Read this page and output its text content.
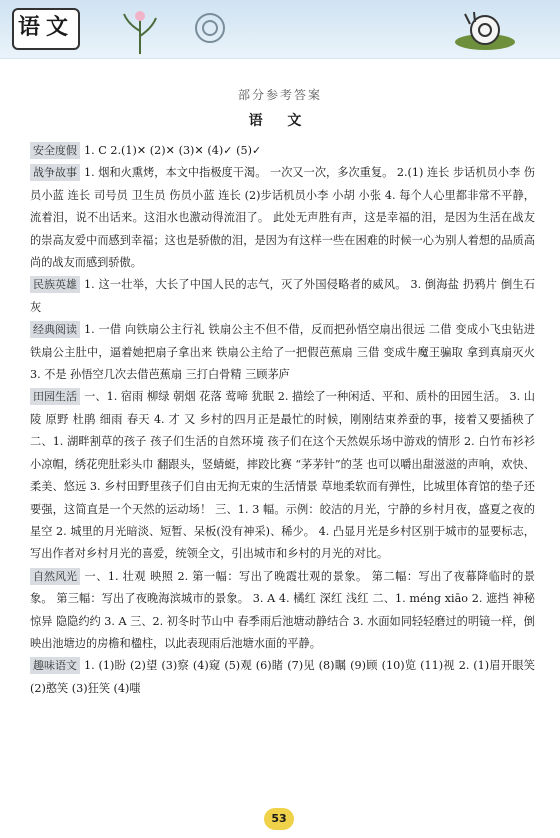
语文
部分参考答案
语 文
安全度假 1. C 2.(1)✕ (2)✕ (3)✕ (4)✓ (5)✓
战争故事 1. 烟和火熏烤，本文中指极度干渴。 一次又一次，多次重复。 2.(1) 连长 步话机员小李 伤员小蓝 连长 司号员 卫生员 伤员小蓝 连长 (2)步话机员小李 小胡 小张 4. 每个人心里都非常不平静，流着泪，说不出话来。这泪水也激动得流泪了。 此处无声胜有声，这是幸福的泪，是因为生活在战友的崇高友爱中而感到幸福；这也是骄傲的泪，是因为有这样一些在困难的时候一心为别人着想的品质高尚的战友而感到骄傲。
民族英雄 1. 这一壮举，大长了中国人民的志气，灭了外国侵略者的威风。 3. 倒海盐 扔鸦片 倒生石灰
经典阅读 1. 一借 向铁扇公主行礼 铁扇公主不但不借，反而把孙悟空扇出很远 二借 变成小飞虫钻进铁扇公主肚中，逼着她把扇子拿出来 铁扇公主给了一把假芭蕉扇 三借 变成牛魔王骗取 拿到真扇灭火 3. 不是 孙悟空几次去借芭蕉扇 三打白骨精 三顾茅庐
田园生活 一、1. 宿雨 柳绿 朝烟 花落 莺啼 犹眠 2. 描绘了一种闲适、平和、质朴的田园生活。 3. 山陵 原野 杜鹃 细雨 春天 4. 才 又 乡村的四月正是最忙的时候，刚刚结束养蚕的事，接着又要插秧了 二、1. 湖畔割草的孩子 孩子们生活的自然环境 孩子们在这个天然娱乐场中游戏的情形 2. 白竹布衫衫小凉帽，绣花兜肚彩头巾 翻跟头，竖蜻蜓，摔跤比赛 “茅茅针”的茎 也可以嚼出甜滋滋的声响，欢快、柔美、悠远 3. 乡村田野里孩子们自由无拘无束的生活情景 草地柔软而有弹性，比城里体育馆的垫子还要强，这简直是一个天然的运动场！ 三、1. 3 幅。示例：皎洁的月光，宁静的乡村月夜，盛夏之夜的星空 2. 城里的月光暗淡、短暂、呆板(没有神采)、稀少。 4. 凸显月光是乡村区别于城市的显要标志，写出作者对乡村月光的喜爱，统领全文，引出城市和乡村的月光的对比。
自然风光 一、1. 壮观 映照 2. 第一幅：写出了晚霞壮观的景象。 第二幅：写出了夜幕降临时的景象。 第三幅：写出了夜晚海滨城市的景象。 3. A 4. 橘红 深红 浅红 二、1. méng xiāo 2. 遮挡 神秘 惊异 隐隐约约 3. A 三、2. 初冬时节山中 春季雨后池塘动静结合 3. 水面如同轻轻磨过的明镜一样，倒映出池塘边的房檐和楹柱，以此表现雨后池塘水面的平静。
趣味语文 1. (1)盼 (2)望 (3)察 (4)窥 (5)观 (6)睹 (7)见 (8)瞩 (9)顾 (10)览 (11)视 2. (1)眉开眼笑 (2)憨笑 (3)狂笑 (4)嗤
53
